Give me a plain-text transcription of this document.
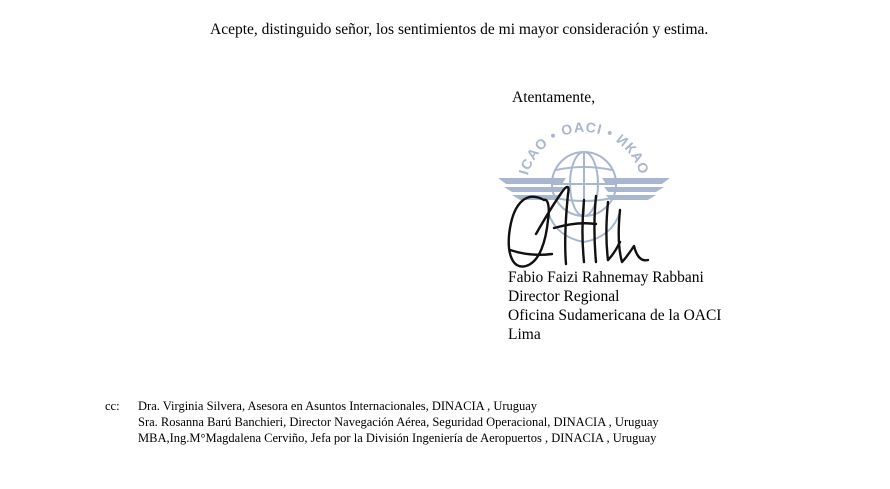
Acepte, distinguido señor, los sentimientos de mi mayor consideración y estima.

Atentamente,

ICAO • OACI • ИКАО
Fabio Faizi Rahnemay Rabbani
Director Regional
Oficina Sudamericana de la OACI
Lima
cc: Dra. Virginia Silvera, Asesora en Asuntos Internacionales, DINACIA , Uruguay
Sra. Rosanna Barú Banchieri, Director Navegación Aérea, Seguridad Operacional, DINACIA , Uruguay
MBA,Ing.M°Magdalena Cerviño, Jefa por la División Ingeniería de Aeropuertos , DINACIA , Uruguay
